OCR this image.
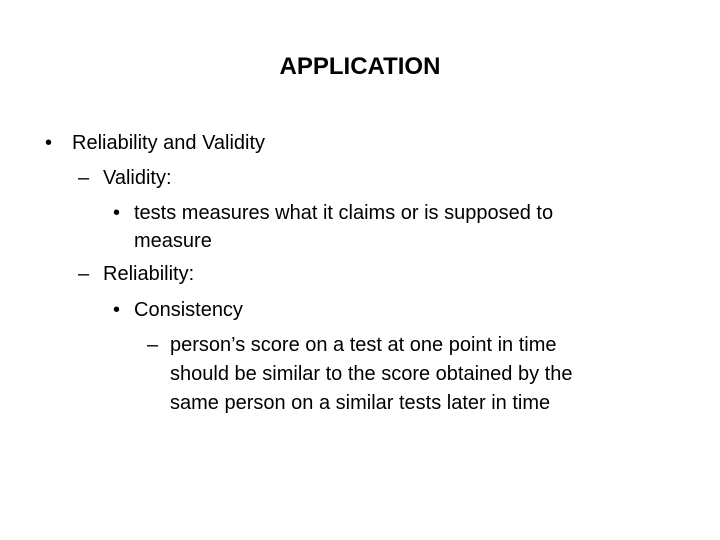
APPLICATION
• Reliability and Validity
– Validity:
• tests measures what it claims or is supposed to
measure
– Reliability:
• Consistency
– person’s score on a test at one point in time
should be similar to the score obtained by the
same person on a similar tests later in time
